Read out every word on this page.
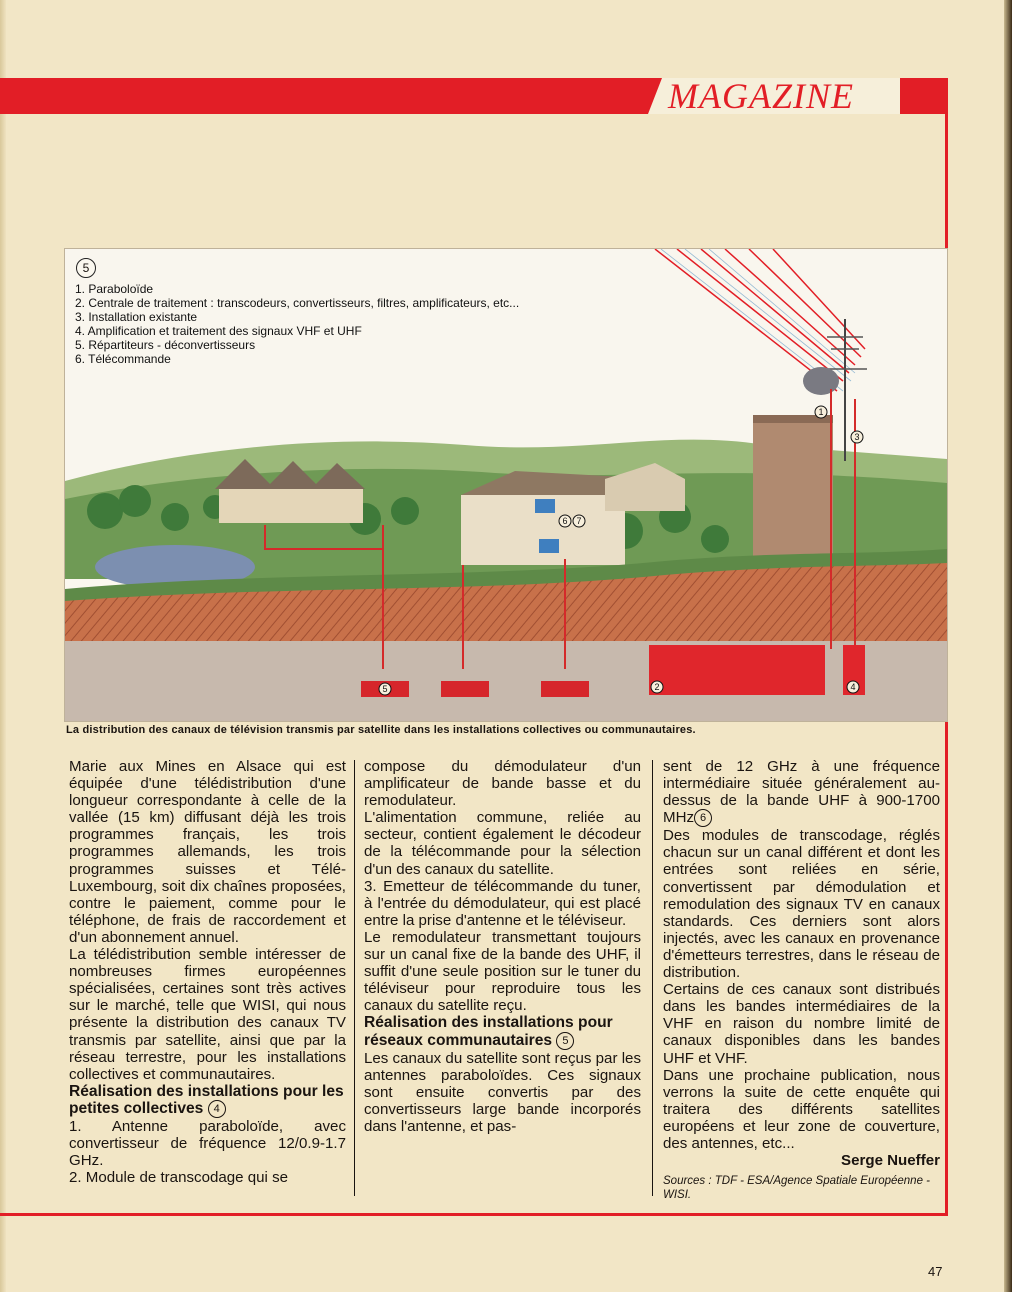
MAGAZINE
1
2
3
4
5
6 7
5
1. Paraboloïde
2. Centrale de traitement : transcodeurs, convertisseurs, filtres, amplificateurs, etc...
3. Installation existante
4. Amplification et traitement des signaux VHF et UHF
5. Répartiteurs - déconvertisseurs
6. Télécommande
La distribution des canaux de télévision transmis par satellite dans les installations collectives ou communautaires.

Marie aux Mines en Alsace qui est équipée d'une télédistribution d'une longueur correspondante à celle de la vallée (15 km) diffusant déjà les trois programmes français, les trois programmes allemands, les trois programmes suisses et Télé-Luxembourg, soit dix chaînes proposées, contre le paiement, comme pour le téléphone, de frais de raccordement et d'un abonnement annuel.

La télédistribution semble intéresser de nombreuses firmes européennes spécialisées, certaines sont très actives sur le marché, telle que WISI, qui nous présente la distribution des canaux TV transmis par satellite, ainsi que par la réseau terrestre, pour les installations collectives et communautaires.

Réalisation des installations pour les petites collectives 4

1. Antenne paraboloïde, avec convertisseur de fréquence 12/0.9-1.7 GHz.

2. Module de transcodage qui se

compose du démodulateur d'un amplificateur de bande basse et du remodulateur.

L'alimentation commune, reliée au secteur, contient également le décodeur de la télécommande pour la sélection d'un des canaux du satellite.

3. Emetteur de télécommande du tuner, à l'entrée du démodulateur, qui est placé entre la prise d'antenne et le téléviseur.

Le remodulateur transmettant toujours sur un canal fixe de la bande des UHF, il suffit d'une seule position sur le tuner du téléviseur pour reproduire tous les canaux du satellite reçu.

Réalisation des installations pour réseaux communautaires 5

Les canaux du satellite sont reçus par les antennes paraboloïdes. Ces signaux sont ensuite convertis par des convertisseurs large bande incorporés dans l'antenne, et pas-

sent de 12 GHz à une fréquence intermédiaire située généralement au-dessus de la bande UHF à 900-1700 MHz 6

Des modules de transcodage, réglés chacun sur un canal différent et dont les entrées sont reliées en série, convertissent par démodulation et remodulation des signaux TV en canaux standards. Ces derniers sont alors injectés, avec les canaux en provenance d'émetteurs terrestres, dans le réseau de distribution.

Certains de ces canaux sont distribués dans les bandes intermédiaires de la VHF en raison du nombre limité de canaux disponibles dans les bandes UHF et VHF.

Dans une prochaine publication, nous verrons la suite de cette enquête qui traitera des différents satellites européens et leur zone de couverture, des antennes, etc...

Serge Nueffer

Sources : TDF - ESA/Agence Spatiale Européenne - WISI.

47
